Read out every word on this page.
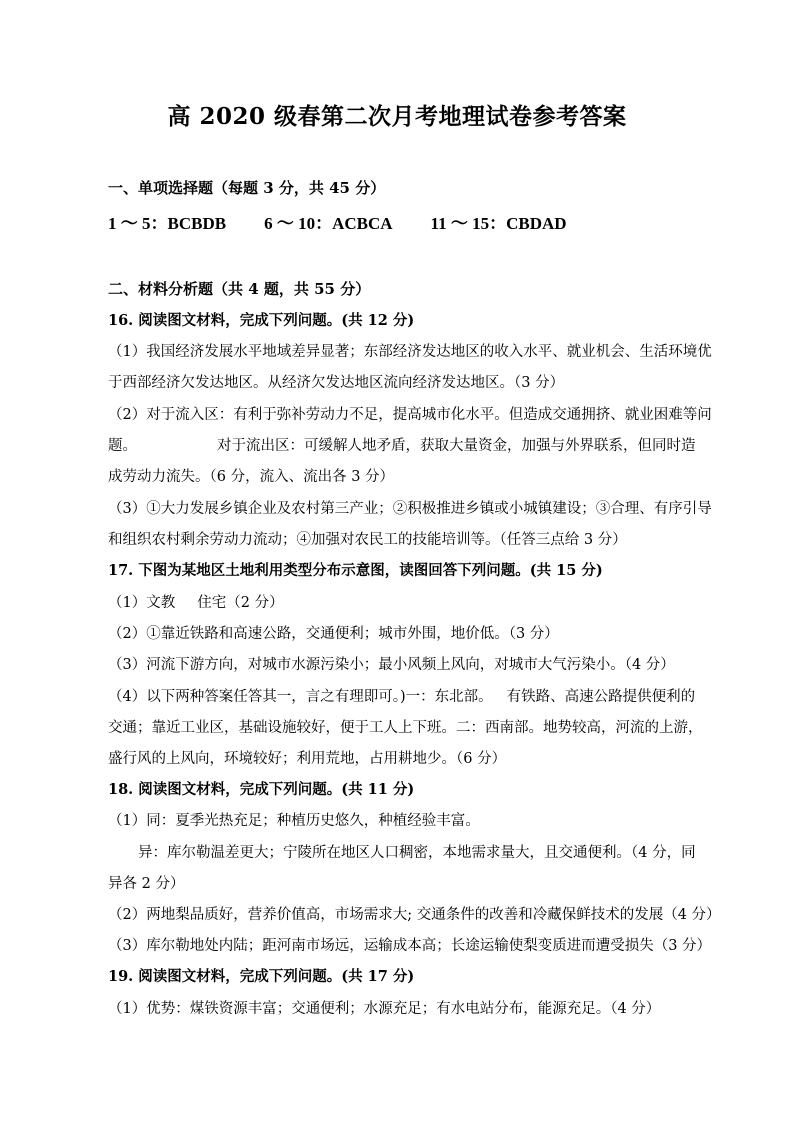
高 2020 级春第二次月考地理试卷参考答案
一、单项选择题（每题 3 分，共 45 分）
1 ～ 5：BCBDB 6 ～ 10：ACBCA 11 ～ 15：CBDAD
二、材料分析题（共 4 题，共 55 分）
16. 阅读图文材料，完成下列问题。(共 12 分)
（1）我国经济发展水平地域差异显著；东部经济发达地区的收入水平、就业机会、生活环境优
于西部经济欠发达地区。从经济欠发达地区流向经济发达地区。（3 分）
（2）对于流入区：有利于弥补劳动力不足，提高城市化水平。但造成交通拥挤、就业困难等问
题。	对于流出区：可缓解人地矛盾，获取大量资金，加强与外界联系，但同时造
成劳动力流失。（6 分，流入、流出各 3 分）
（3）①大力发展乡镇企业及农村第三产业；②积极推进乡镇或小城镇建设；③合理、有序引导
和组织农村剩余劳动力流动；④加强对农民工的技能培训等。（任答三点给 3 分）
17. 下图为某地区土地利用类型分布示意图，读图回答下列问题。(共 15 分)
（1）文教 住宅（2 分）
（2）①靠近铁路和高速公路，交通便利；城市外围，地价低。（3 分）
（3）河流下游方向，对城市水源污染小；最小风频上风向，对城市大气污染小。（4 分）
（4）以下两种答案任答其一，言之有理即可。)一：东北部。 有铁路、高速公路提供便利的
交通；靠近工业区，基础设施较好，便于工人上下班。二：西南部。地势较高，河流的上游，
盛行风的上风向，环境较好；利用荒地，占用耕地少。（6 分）
18. 阅读图文材料，完成下列问题。(共 11 分)
（1）同：夏季光热充足；种植历史悠久，种植经验丰富。
异：库尔勒温差更大；宁陵所在地区人口稠密，本地需求量大，且交通便利。（4 分，同
异各 2 分）
（2）两地梨品质好，营养价值高，市场需求大; 交通条件的改善和冷藏保鲜技术的发展（4 分）
（3）库尔勒地处内陆；距河南市场远，运输成本高；长途运输使梨变质进而遭受损失（3 分）
19. 阅读图文材料，完成下列问题。(共 17 分)
（1）优势：煤铁资源丰富；交通便利；水源充足；有水电站分布，能源充足。（4 分）
